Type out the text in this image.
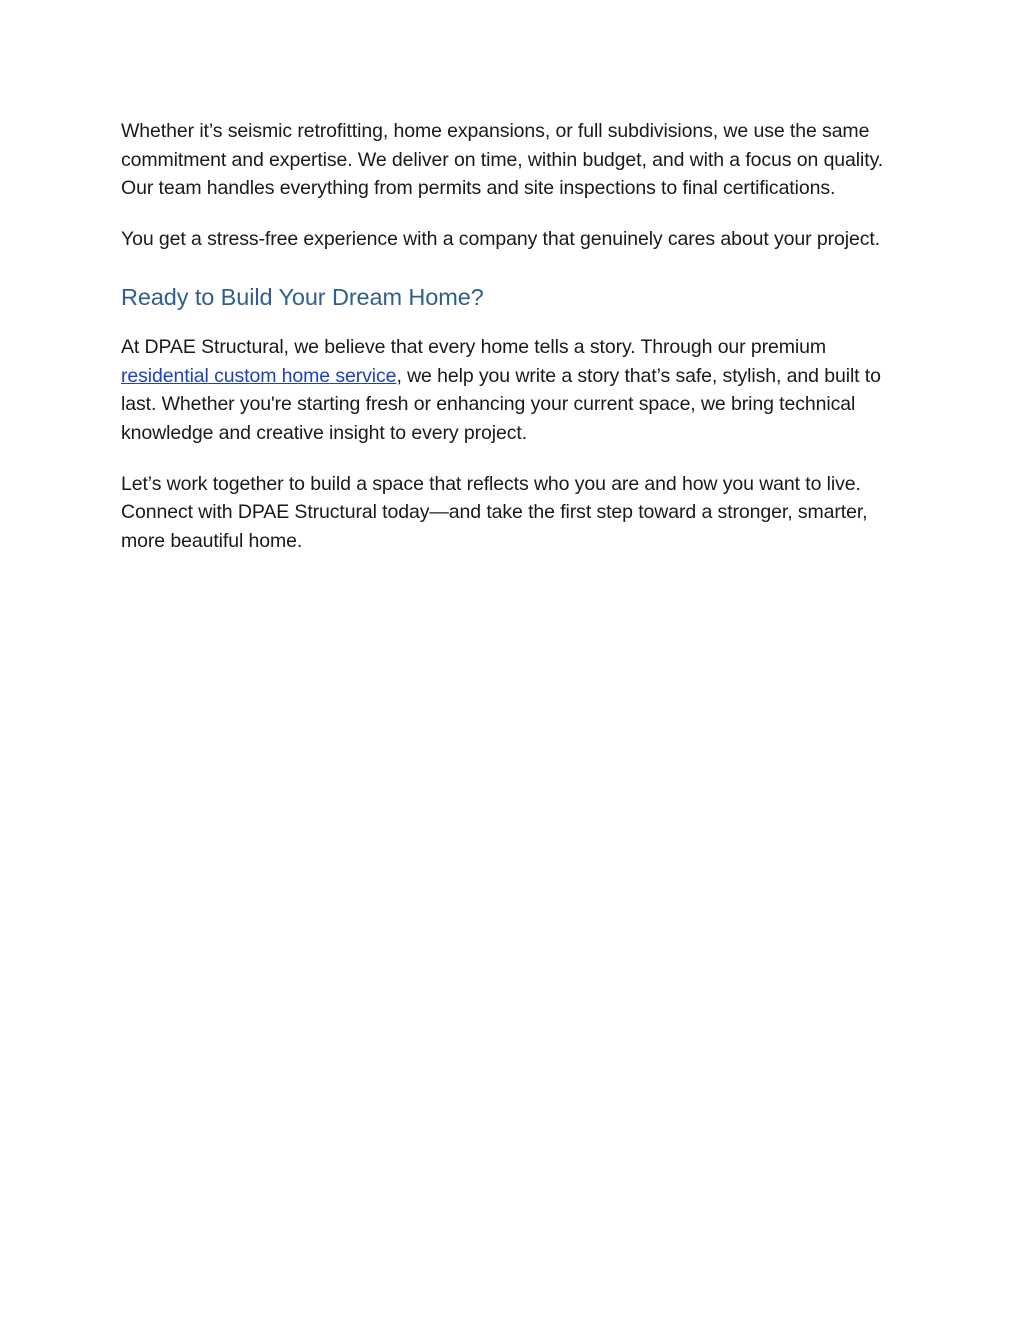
Whether it’s seismic retrofitting, home expansions, or full subdivisions, we use the same commitment and expertise. We deliver on time, within budget, and with a focus on quality. Our team handles everything from permits and site inspections to final certifications.

You get a stress-free experience with a company that genuinely cares about your project.

Ready to Build Your Dream Home?

At DPAE Structural, we believe that every home tells a story. Through our premium residential custom home service, we help you write a story that’s safe, stylish, and built to last. Whether you're starting fresh or enhancing your current space, we bring technical knowledge and creative insight to every project.

Let’s work together to build a space that reflects who you are and how you want to live. Connect with DPAE Structural today—and take the first step toward a stronger, smarter, more beautiful home.
